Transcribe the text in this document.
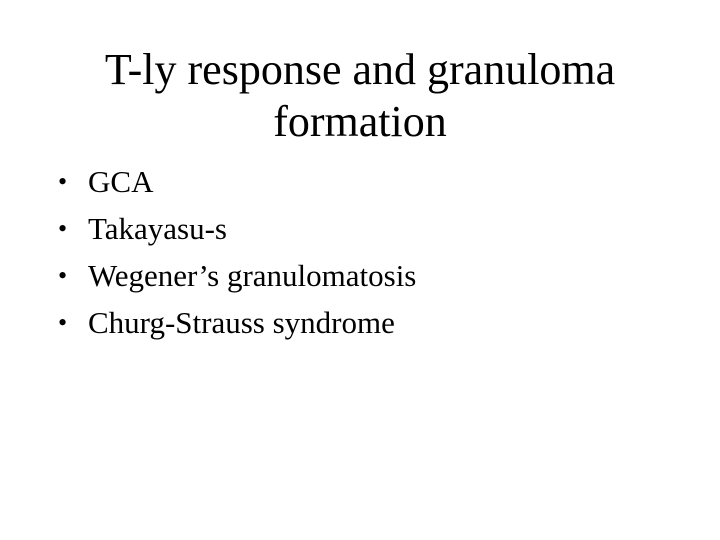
T-ly response and granuloma
formation
• GCA
• Takayasu-s
• Wegener’s granulomatosis
• Churg-Strauss syndrome
